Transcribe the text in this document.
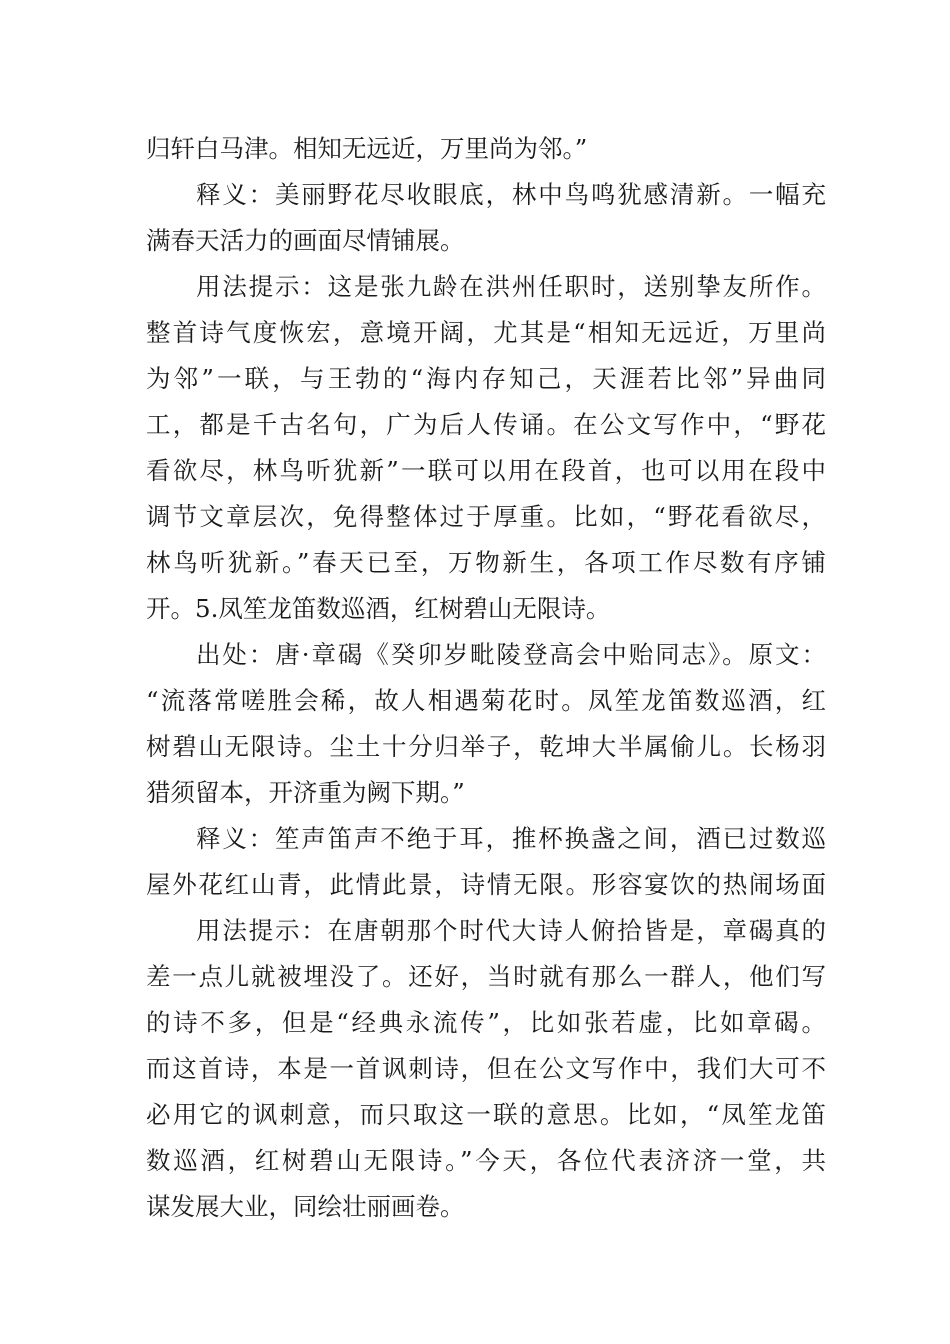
归轩白马津。相知无远近，万里尚为邻。”
释义：美丽野花尽收眼底，林中鸟鸣犹感清新。一幅充
满春天活力的画面尽情铺展。
用法提示：这是张九龄在洪州任职时，送别挚友所作。
整首诗气度恢宏，意境开阔，尤其是“相知无远近，万里尚
为邻”一联，与王勃的“海内存知己，天涯若比邻”异曲同
工，都是千古名句，广为后人传诵。在公文写作中，“野花
看欲尽，林鸟听犹新”一联可以用在段首，也可以用在段中
调节文章层次，免得整体过于厚重。比如，“野花看欲尽，
林鸟听犹新。”春天已至，万物新生，各项工作尽数有序铺
开。5.凤笙龙笛数巡酒，红树碧山无限诗。
出处：唐·章碣《癸卯岁毗陵登高会中贻同志》。原文：
“流落常嗟胜会稀，故人相遇菊花时。凤笙龙笛数巡酒，红
树碧山无限诗。尘土十分归举子，乾坤大半属偷儿。长杨羽
猎须留本，开济重为阙下期。”
释义：笙声笛声不绝于耳，推杯换盏之间，酒已过数巡
屋外花红山青，此情此景，诗情无限。形容宴饮的热闹场面
用法提示：在唐朝那个时代大诗人俯拾皆是，章碣真的
差一点儿就被埋没了。还好，当时就有那么一群人，他们写
的诗不多，但是“经典永流传”，比如张若虚，比如章碣。
而这首诗，本是一首讽刺诗，但在公文写作中，我们大可不
必用它的讽刺意，而只取这一联的意思。比如，“凤笙龙笛
数巡酒，红树碧山无限诗。”今天，各位代表济济一堂，共
谋发展大业，同绘壮丽画卷。
